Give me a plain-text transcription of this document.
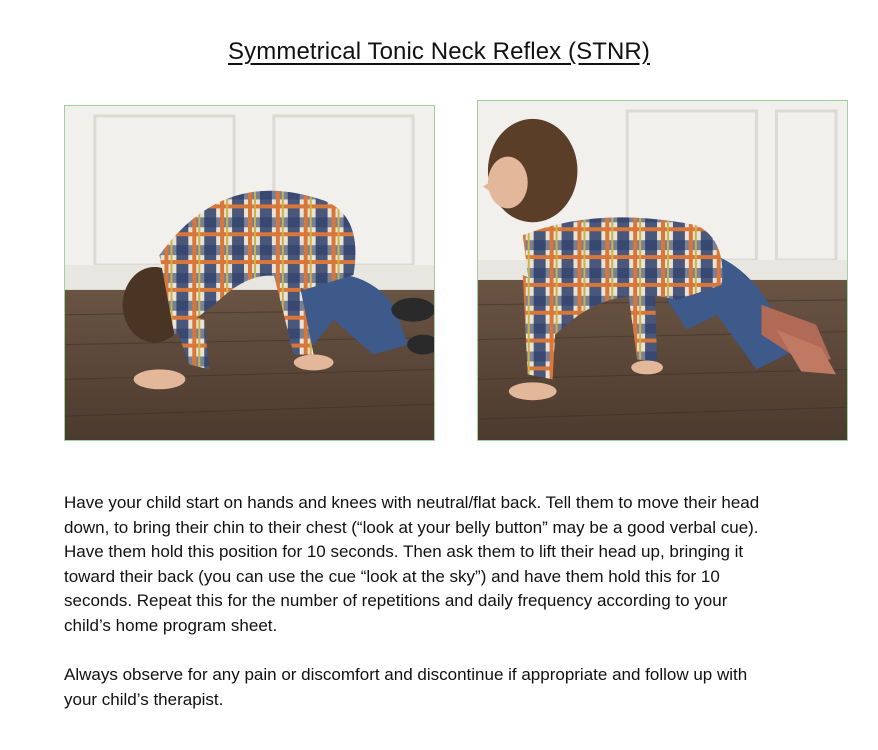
Symmetrical Tonic Neck Reflex (STNR)
Have your child start on hands and knees with neutral/flat back. Tell them to move their head
down, to bring their chin to their chest (“look at your belly button” may be a good verbal cue).
Have them hold this position for 10 seconds. Then ask them to lift their head up, bringing it
toward their back (you can use the cue “look at the sky”) and have them hold this for 10
seconds. Repeat this for the number of repetitions and daily frequency according to your
child’s home program sheet.
Always observe for any pain or discomfort and discontinue if appropriate and follow up with
your child’s therapist.
